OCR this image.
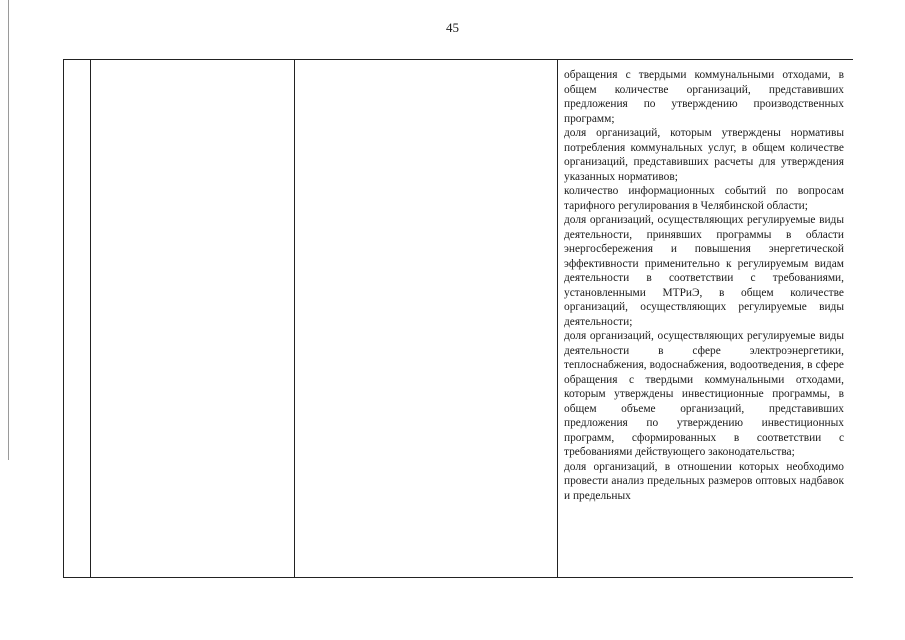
45

обращения с твердыми коммунальными отходами, в общем количестве организаций, представивших предложения по утверждению производственных программ;

доля организаций, которым утверждены нормативы потребления коммунальных услуг, в общем количестве организаций, представивших расчеты для утверждения указанных нормативов;

количество информационных событий по вопросам тарифного регулирования в Челябинской области;

доля организаций, осуществляющих регулируемые виды деятельности, принявших программы в области энергосбережения и повышения энергетической эффективности применительно к регулируемым видам деятельности в соответствии с требованиями, установленными МТРиЭ, в общем количестве организаций, осуществляющих регулируемые виды деятельности;

доля организаций, осуществляющих регулируемые виды деятельности в сфере электроэнергетики, теплоснабжения, водоснабжения, водоотведения, в сфере обращения с твердыми коммунальными отходами, которым утверждены инвестиционные программы, в общем объеме организаций, представивших предложения по утверждению инвестиционных программ, сформированных в соответствии с требованиями действующего законодательства;

доля организаций, в отношении которых необходимо провести анализ предельных размеров оптовых надбавок и предельных
